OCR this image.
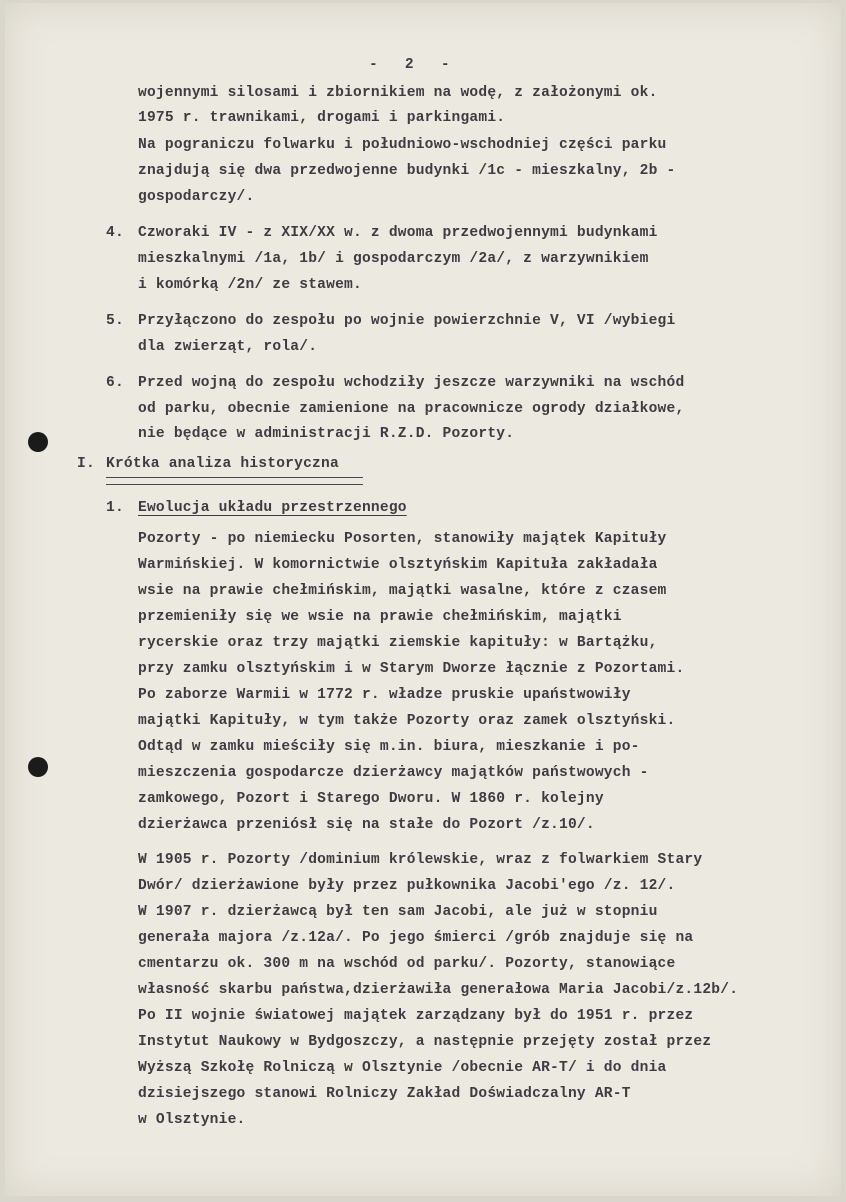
- 2 -
wojennymi silosami i zbiornikiem na wodę, z założonymi ok.
1975 r. trawnikami, drogami i parkingami.
Na pograniczu folwarku i południowo-wschodniej części parku
znajdują się dwa przedwojenne budynki /1c - mieszkalny, 2b -
gospodarczy/.
4. Czworaki IV - z XIX/XX w. z dwoma przedwojennymi budynkami
mieszkalnymi /1a, 1b/ i gospodarczym /2a/, z warzywnikiem
i komórką /2n/ ze stawem.
5. Przyłączono do zespołu po wojnie powierzchnie V, VI /wybiegi
dla zwierząt, rola/.
6. Przed wojną do zespołu wchodziły jeszcze warzywniki na wschód
od parku, obecnie zamienione na pracownicze ogrody działkowe,
nie będące w administracji R.Z.D. Pozorty.
I. Krótka analiza historyczna
1. Ewolucja układu przestrzennego
Pozorty - po niemiecku Posorten, stanowiły majątek Kapituły
Warmińskiej. W komornictwie olsztyńskim Kapituła zakładała
wsie na prawie chełmińskim, majątki wasalne, które z czasem
przemieniły się we wsie na prawie chełmińskim, majątki
rycerskie oraz trzy majątki ziemskie kapituły: w Bartążku,
przy zamku olsztyńskim i w Starym Dworze łącznie z Pozortami.
Po zaborze Warmii w 1772 r. władze pruskie upaństwowiły
majątki Kapituły, w tym także Pozorty oraz zamek olsztyński.
Odtąd w zamku mieściły się m.in. biura, mieszkanie i po-
mieszczenia gospodarcze dzierżawcy majątków państwowych -
zamkowego, Pozort i Starego Dworu. W 1860 r. kolejny
dzierżawca przeniósł się na stałe do Pozort /z.10/.
W 1905 r. Pozorty /dominium królewskie, wraz z folwarkiem Stary
Dwór/ dzierżawione były przez pułkownika Jacobi'ego /z. 12/.
W 1907 r. dzierżawcą był ten sam Jacobi, ale już w stopniu
generała majora /z.12a/. Po jego śmierci /grób znajduje się na
cmentarzu ok. 300 m na wschód od parku/. Pozorty, stanowiące
własność skarbu państwa,dzierżawiła generałowa Maria Jacobi/z.12b/.
Po II wojnie światowej majątek zarządzany był do 1951 r. przez
Instytut Naukowy w Bydgoszczy, a następnie przejęty został przez
Wyższą Szkołę Rolniczą w Olsztynie /obecnie AR-T/ i do dnia
dzisiejszego stanowi Rolniczy Zakład Doświadczalny AR-T
w Olsztynie.
